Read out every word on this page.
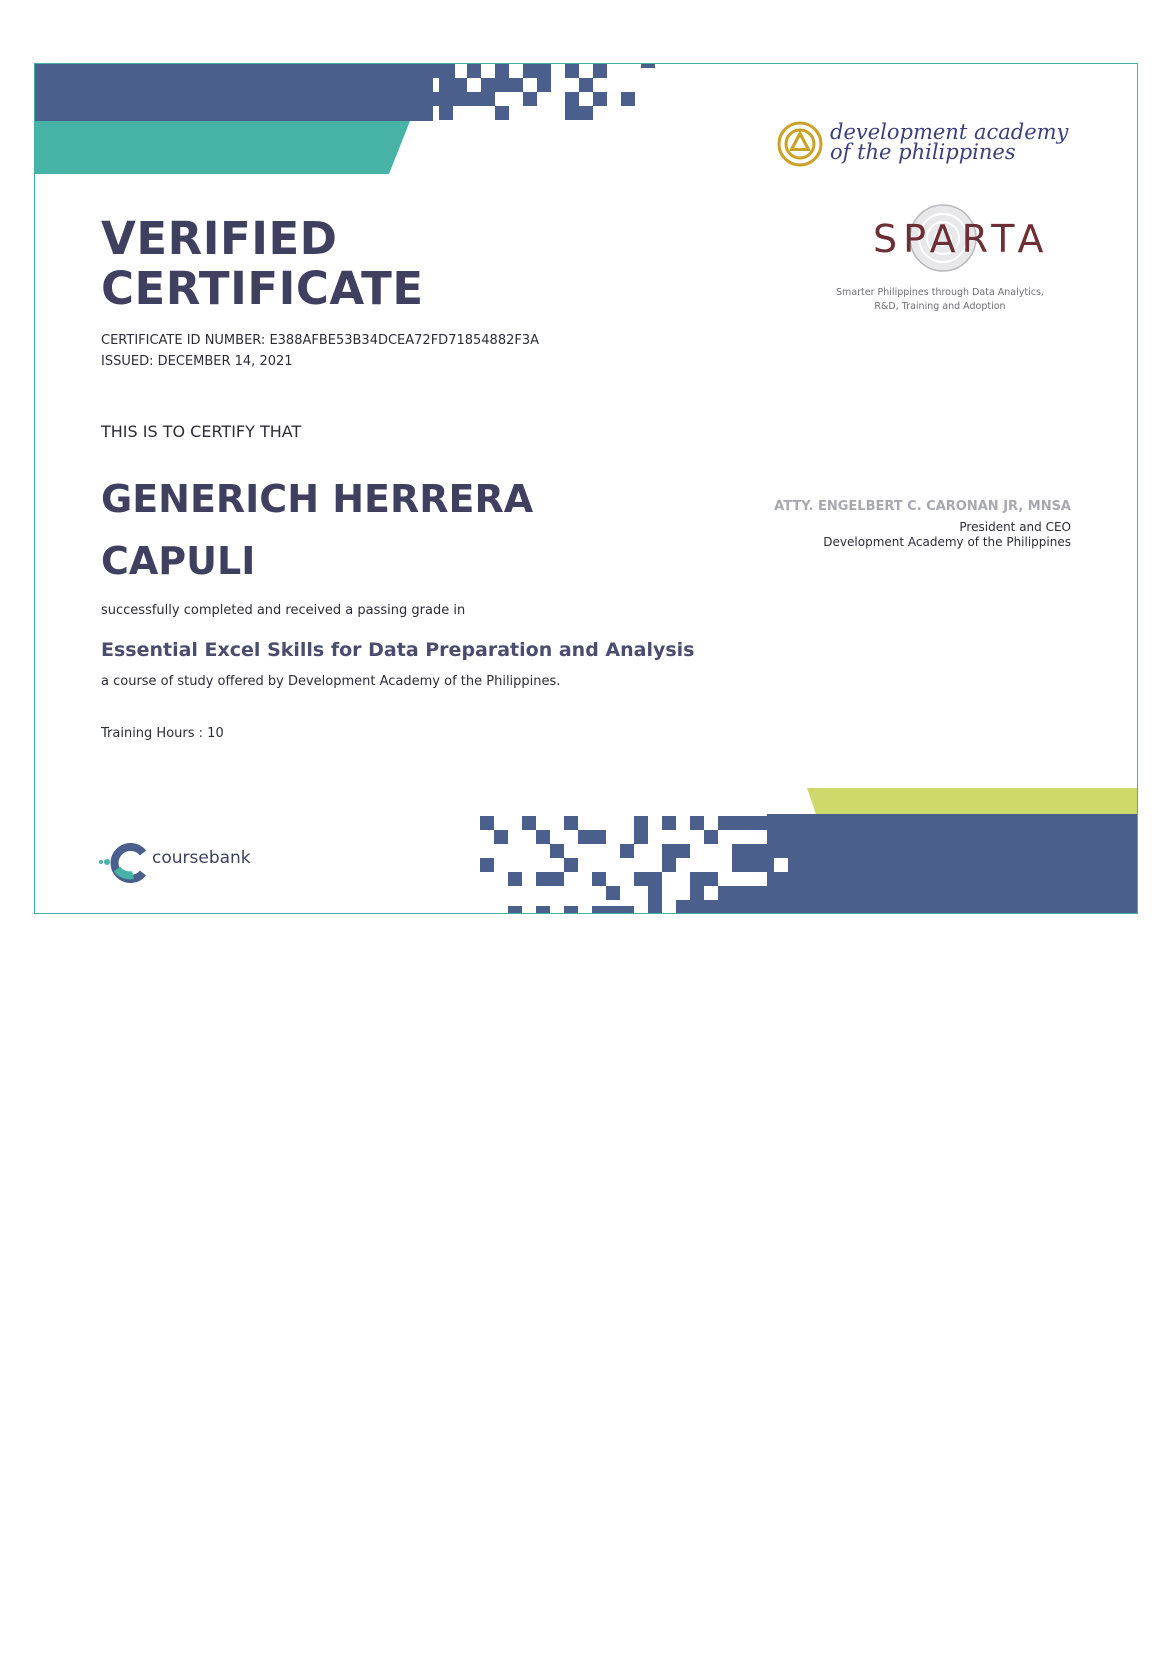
development academy
of the philippines
SPARTA
Smarter Philippines through Data Analytics,
R&D, Training and Adoption
VERIFIED
CERTIFICATE
CERTIFICATE ID NUMBER: E388AFBE53B34DCEA72FD71854882F3A
ISSUED: DECEMBER 14, 2021
THIS IS TO CERTIFY THAT
GENERICH HERRERA
CAPULI
successfully completed and received a passing grade in
Essential Excel Skills for Data Preparation and Analysis
a course of study offered by Development Academy of the Philippines.
Training Hours : 10
ATTY. ENGELBERT C. CARONAN JR, MNSA
President and CEO
Development Academy of the Philippines
coursebank
